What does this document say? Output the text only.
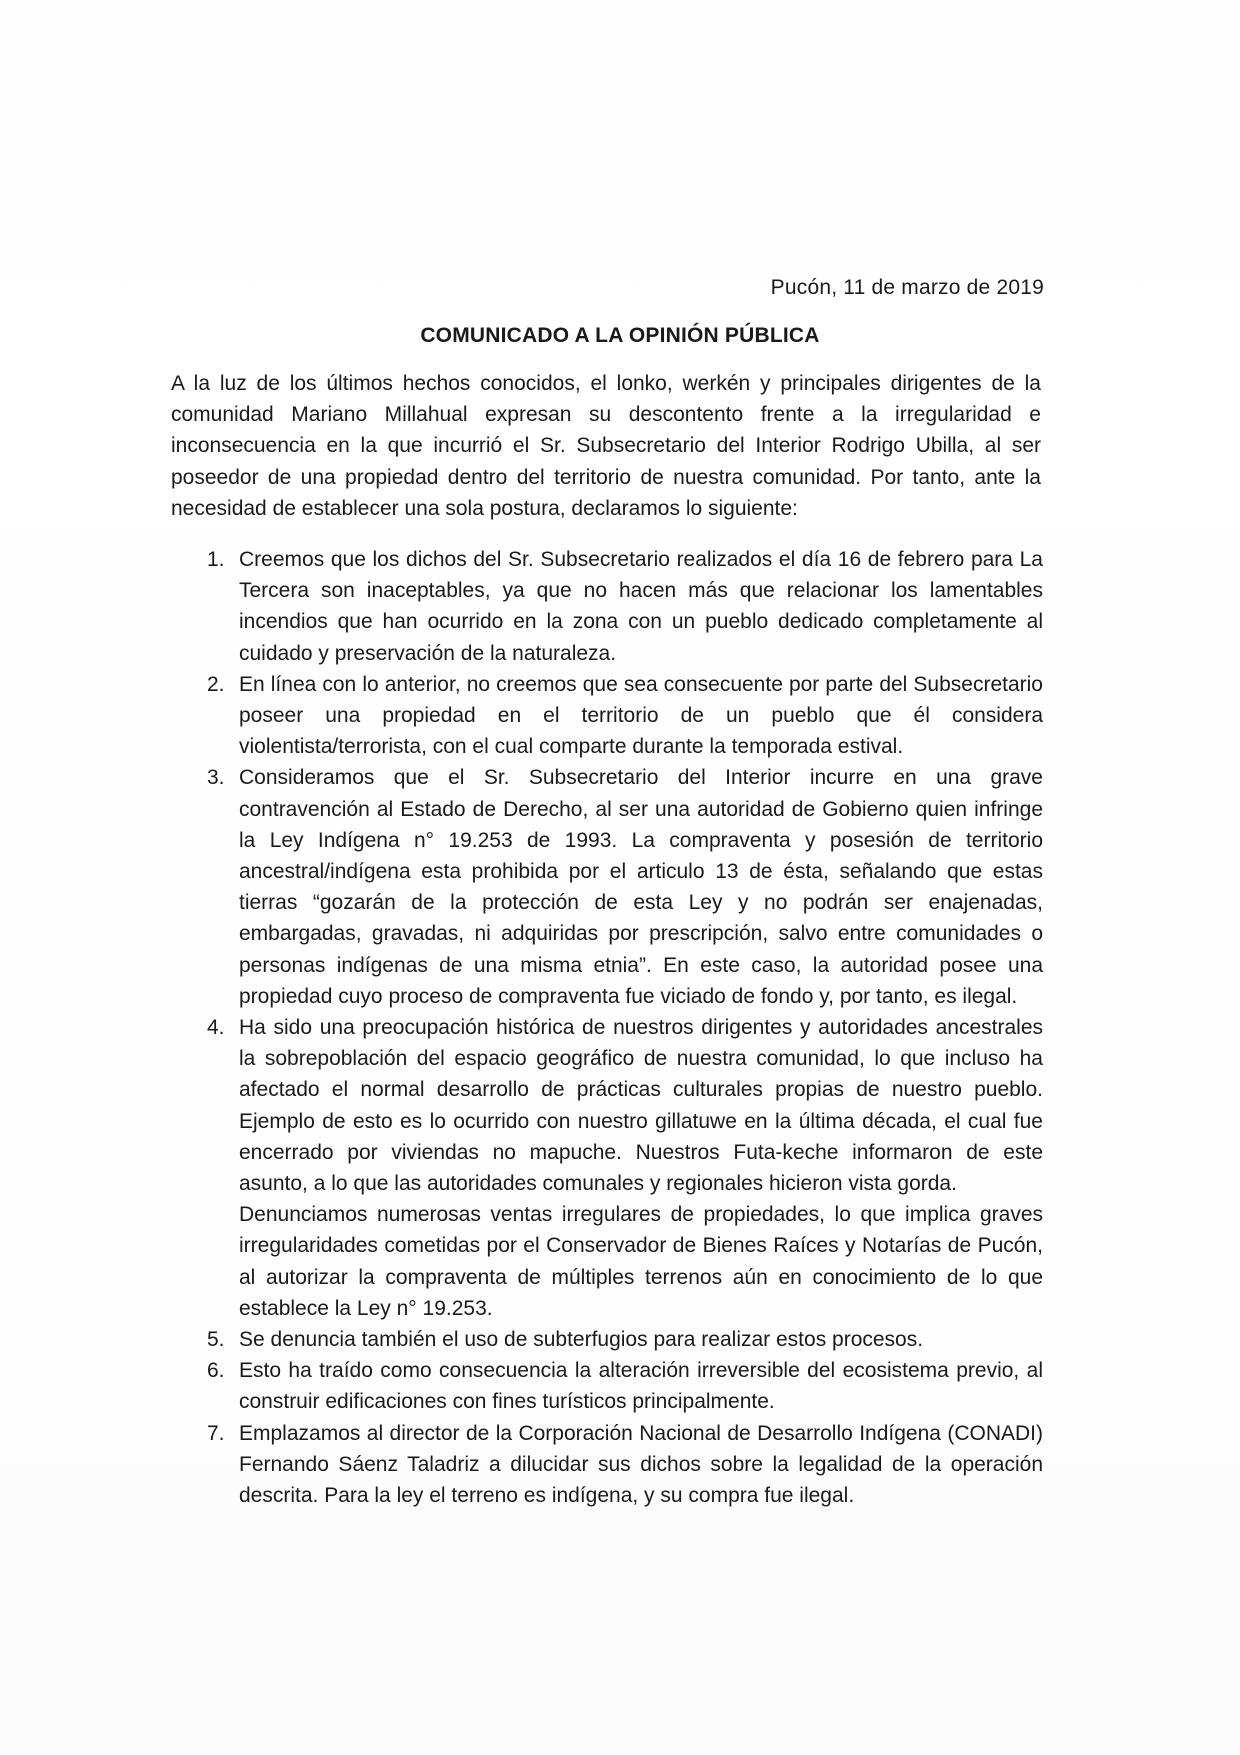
Pucón, 11 de marzo de 2019
COMUNICADO A LA OPINIÓN PÚBLICA

A la luz de los últimos hechos conocidos, el lonko, werkén y principales dirigentes de la comunidad Mariano Millahual expresan su descontento frente a la irregularidad e inconsecuencia en la que incurrió el Sr. Subsecretario del Interior Rodrigo Ubilla, al ser poseedor de una propiedad dentro del territorio de nuestra comunidad. Por tanto, ante la necesidad de establecer una sola postura, declaramos lo siguiente:

1. Creemos que los dichos del Sr. Subsecretario realizados el día 16 de febrero para La Tercera son inaceptables, ya que no hacen más que relacionar los lamentables incendios que han ocurrido en la zona con un pueblo dedicado completamente al cuidado y preservación de la naturaleza.
2. En línea con lo anterior, no creemos que sea consecuente por parte del Subsecretario poseer una propiedad en el territorio de un pueblo que él considera violentista/terrorista, con el cual comparte durante la temporada estival.
3. Consideramos que el Sr. Subsecretario del Interior incurre en una grave contravención al Estado de Derecho, al ser una autoridad de Gobierno quien infringe la Ley Indígena n° 19.253 de 1993. La compraventa y posesión de territorio ancestral/indígena esta prohibida por el articulo 13 de ésta, señalando que estas tierras “gozarán de la protección de esta Ley y no podrán ser enajenadas, embargadas, gravadas, ni adquiridas por prescripción, salvo entre comunidades o personas indígenas de una misma etnia”. En este caso, la autoridad posee una propiedad cuyo proceso de compraventa fue viciado de fondo y, por tanto, es ilegal.
4. Ha sido una preocupación histórica de nuestros dirigentes y autoridades ancestrales la sobrepoblación del espacio geográfico de nuestra comunidad, lo que incluso ha afectado el normal desarrollo de prácticas culturales propias de nuestro pueblo. Ejemplo de esto es lo ocurrido con nuestro gillatuwe en la última década, el cual fue encerrado por viviendas no mapuche. Nuestros Futa-keche informaron de este asunto, a lo que las autoridades comunales y regionales hicieron vista gorda.
Denunciamos numerosas ventas irregulares de propiedades, lo que implica graves irregularidades cometidas por el Conservador de Bienes Raíces y Notarías de Pucón, al autorizar la compraventa de múltiples terrenos aún en conocimiento de lo que establece la Ley n° 19.253.
5. Se denuncia también el uso de subterfugios para realizar estos procesos.
6. Esto ha traído como consecuencia la alteración irreversible del ecosistema previo, al construir edificaciones con fines turísticos principalmente.
7. Emplazamos al director de la Corporación Nacional de Desarrollo Indígena (CONADI) Fernando Sáenz Taladriz a dilucidar sus dichos sobre la legalidad de la operación descrita. Para la ley el terreno es indígena, y su compra fue ilegal.
